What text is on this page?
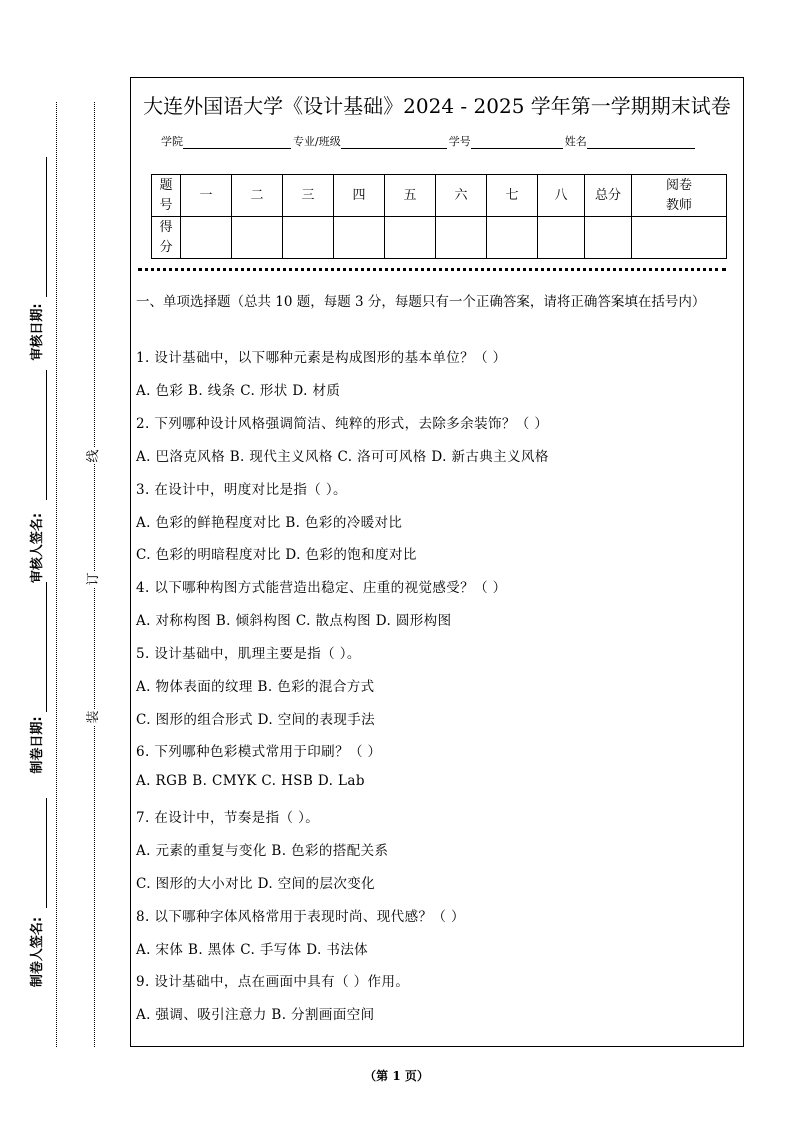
审核日期:
审核人签名:
制卷日期:
制卷人签名:
线
订
装
大连外国语大学《设计基础》2024 - 2025 学年第一学期期末试卷
学院	专业/班级	学号	姓名
题号	一	二	三	四	五	六	七	八	总分	阅卷教师

得分										

一、单项选择题（总共 10 题，每题 3 分，每题只有一个正确答案，请将正确答案填在括号内）
1. 设计基础中，以下哪种元素是构成图形的基本单位？（ ）
A. 色彩 B. 线条 C. 形状 D. 材质
2. 下列哪种设计风格强调简洁、纯粹的形式，去除多余装饰？（ ）
A. 巴洛克风格 B. 现代主义风格 C. 洛可可风格 D. 新古典主义风格
3. 在设计中，明度对比是指（ ）。
A. 色彩的鲜艳程度对比 B. 色彩的冷暖对比
C. 色彩的明暗程度对比 D. 色彩的饱和度对比
4. 以下哪种构图方式能营造出稳定、庄重的视觉感受？（ ）
A. 对称构图 B. 倾斜构图 C. 散点构图 D. 圆形构图
5. 设计基础中，肌理主要是指（ ）。
A. 物体表面的纹理 B. 色彩的混合方式
C. 图形的组合形式 D. 空间的表现手法
6. 下列哪种色彩模式常用于印刷？（ ）
A. RGB B. CMYK C. HSB D. Lab
7. 在设计中，节奏是指（ ）。
A. 元素的重复与变化 B. 色彩的搭配关系
C. 图形的大小对比 D. 空间的层次变化
8. 以下哪种字体风格常用于表现时尚、现代感？（ ）
A. 宋体 B. 黑体 C. 手写体 D. 书法体
9. 设计基础中，点在画面中具有（ ）作用。
A. 强调、吸引注意力 B. 分割画面空间
（第 1 页）
